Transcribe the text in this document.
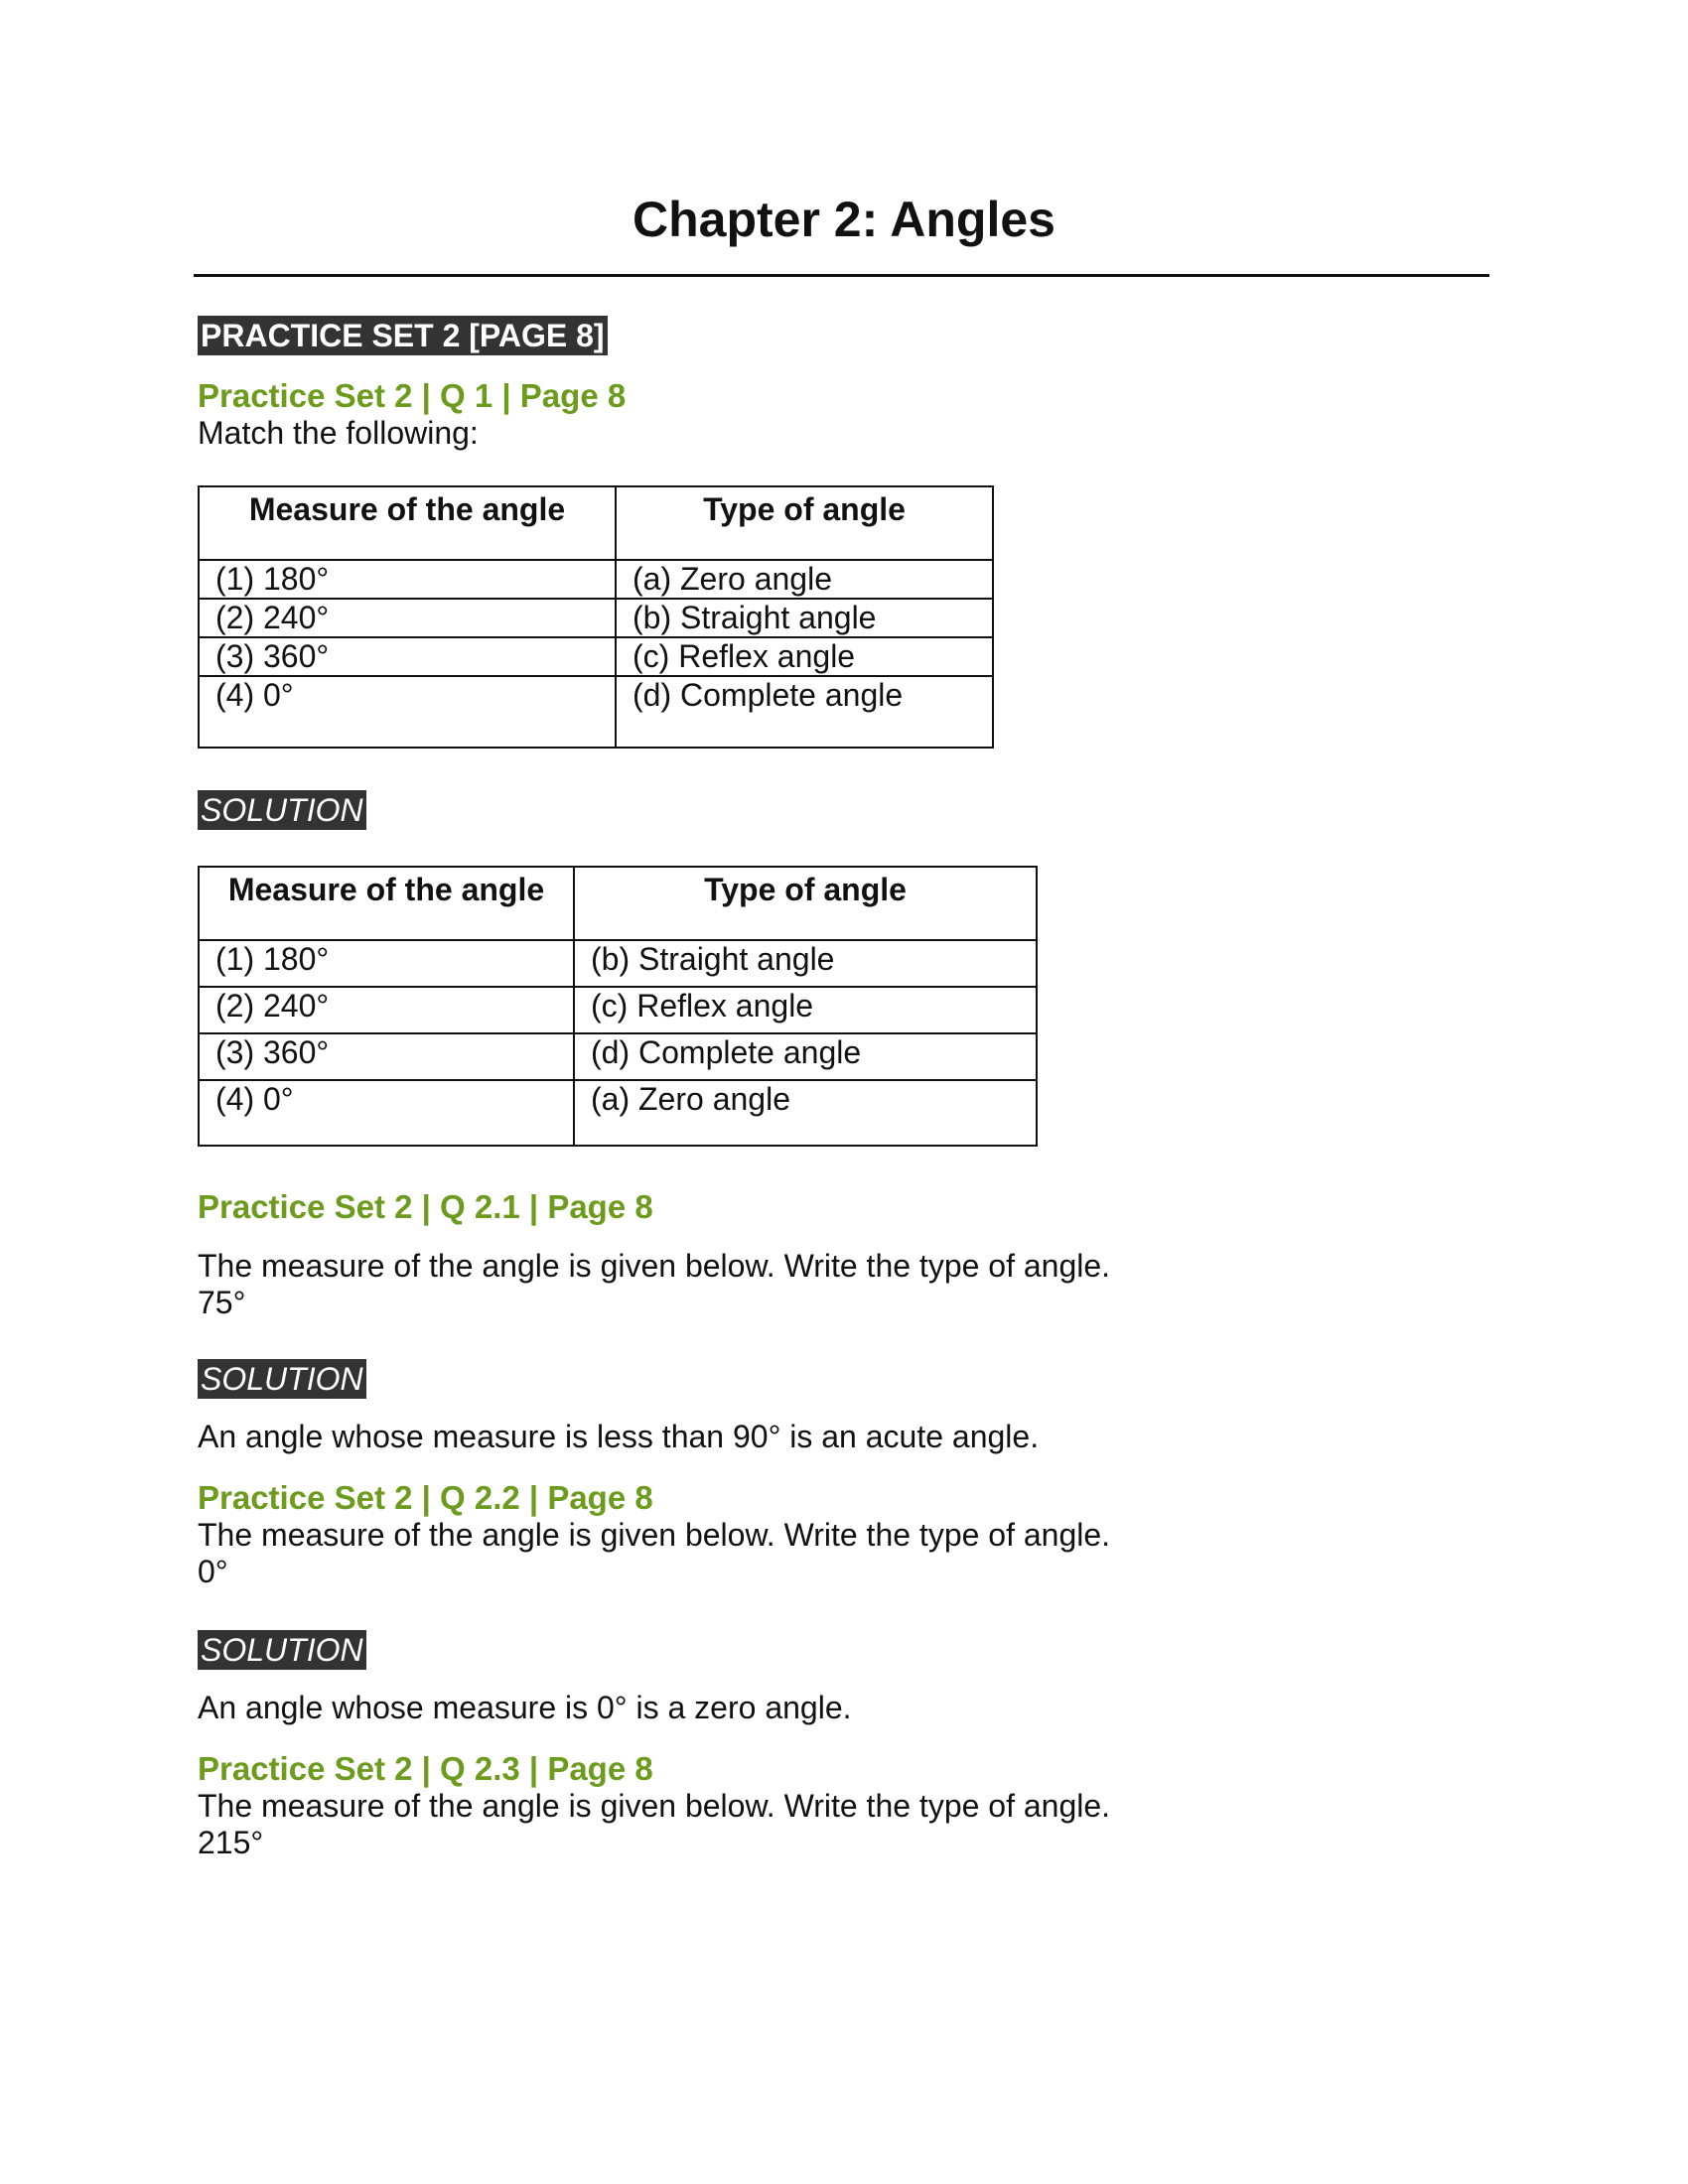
Chapter 2: Angles
PRACTICE SET 2 [PAGE 8]

Practice Set 2 | Q 1 | Page 8

Match the following:

Measure of the angle	Type of angle
(1) 180°	(a) Zero angle
(2) 240°	(b) Straight angle
(3) 360°	(c) Reflex angle
(4) 0°	(d) Complete angle
SOLUTION
Measure of the angle	Type of angle
(1) 180°	(b) Straight angle
(2) 240°	(c) Reflex angle
(3) 360°	(d) Complete angle
(4) 0°	(a) Zero angle

Practice Set 2 | Q 2.1 | Page 8

The measure of the angle is given below. Write the type of angle.

75°

SOLUTION

An angle whose measure is less than 90° is an acute angle.

Practice Set 2 | Q 2.2 | Page 8

The measure of the angle is given below. Write the type of angle.

0°

SOLUTION

An angle whose measure is 0° is a zero angle.

Practice Set 2 | Q 2.3 | Page 8

The measure of the angle is given below. Write the type of angle.

215°
